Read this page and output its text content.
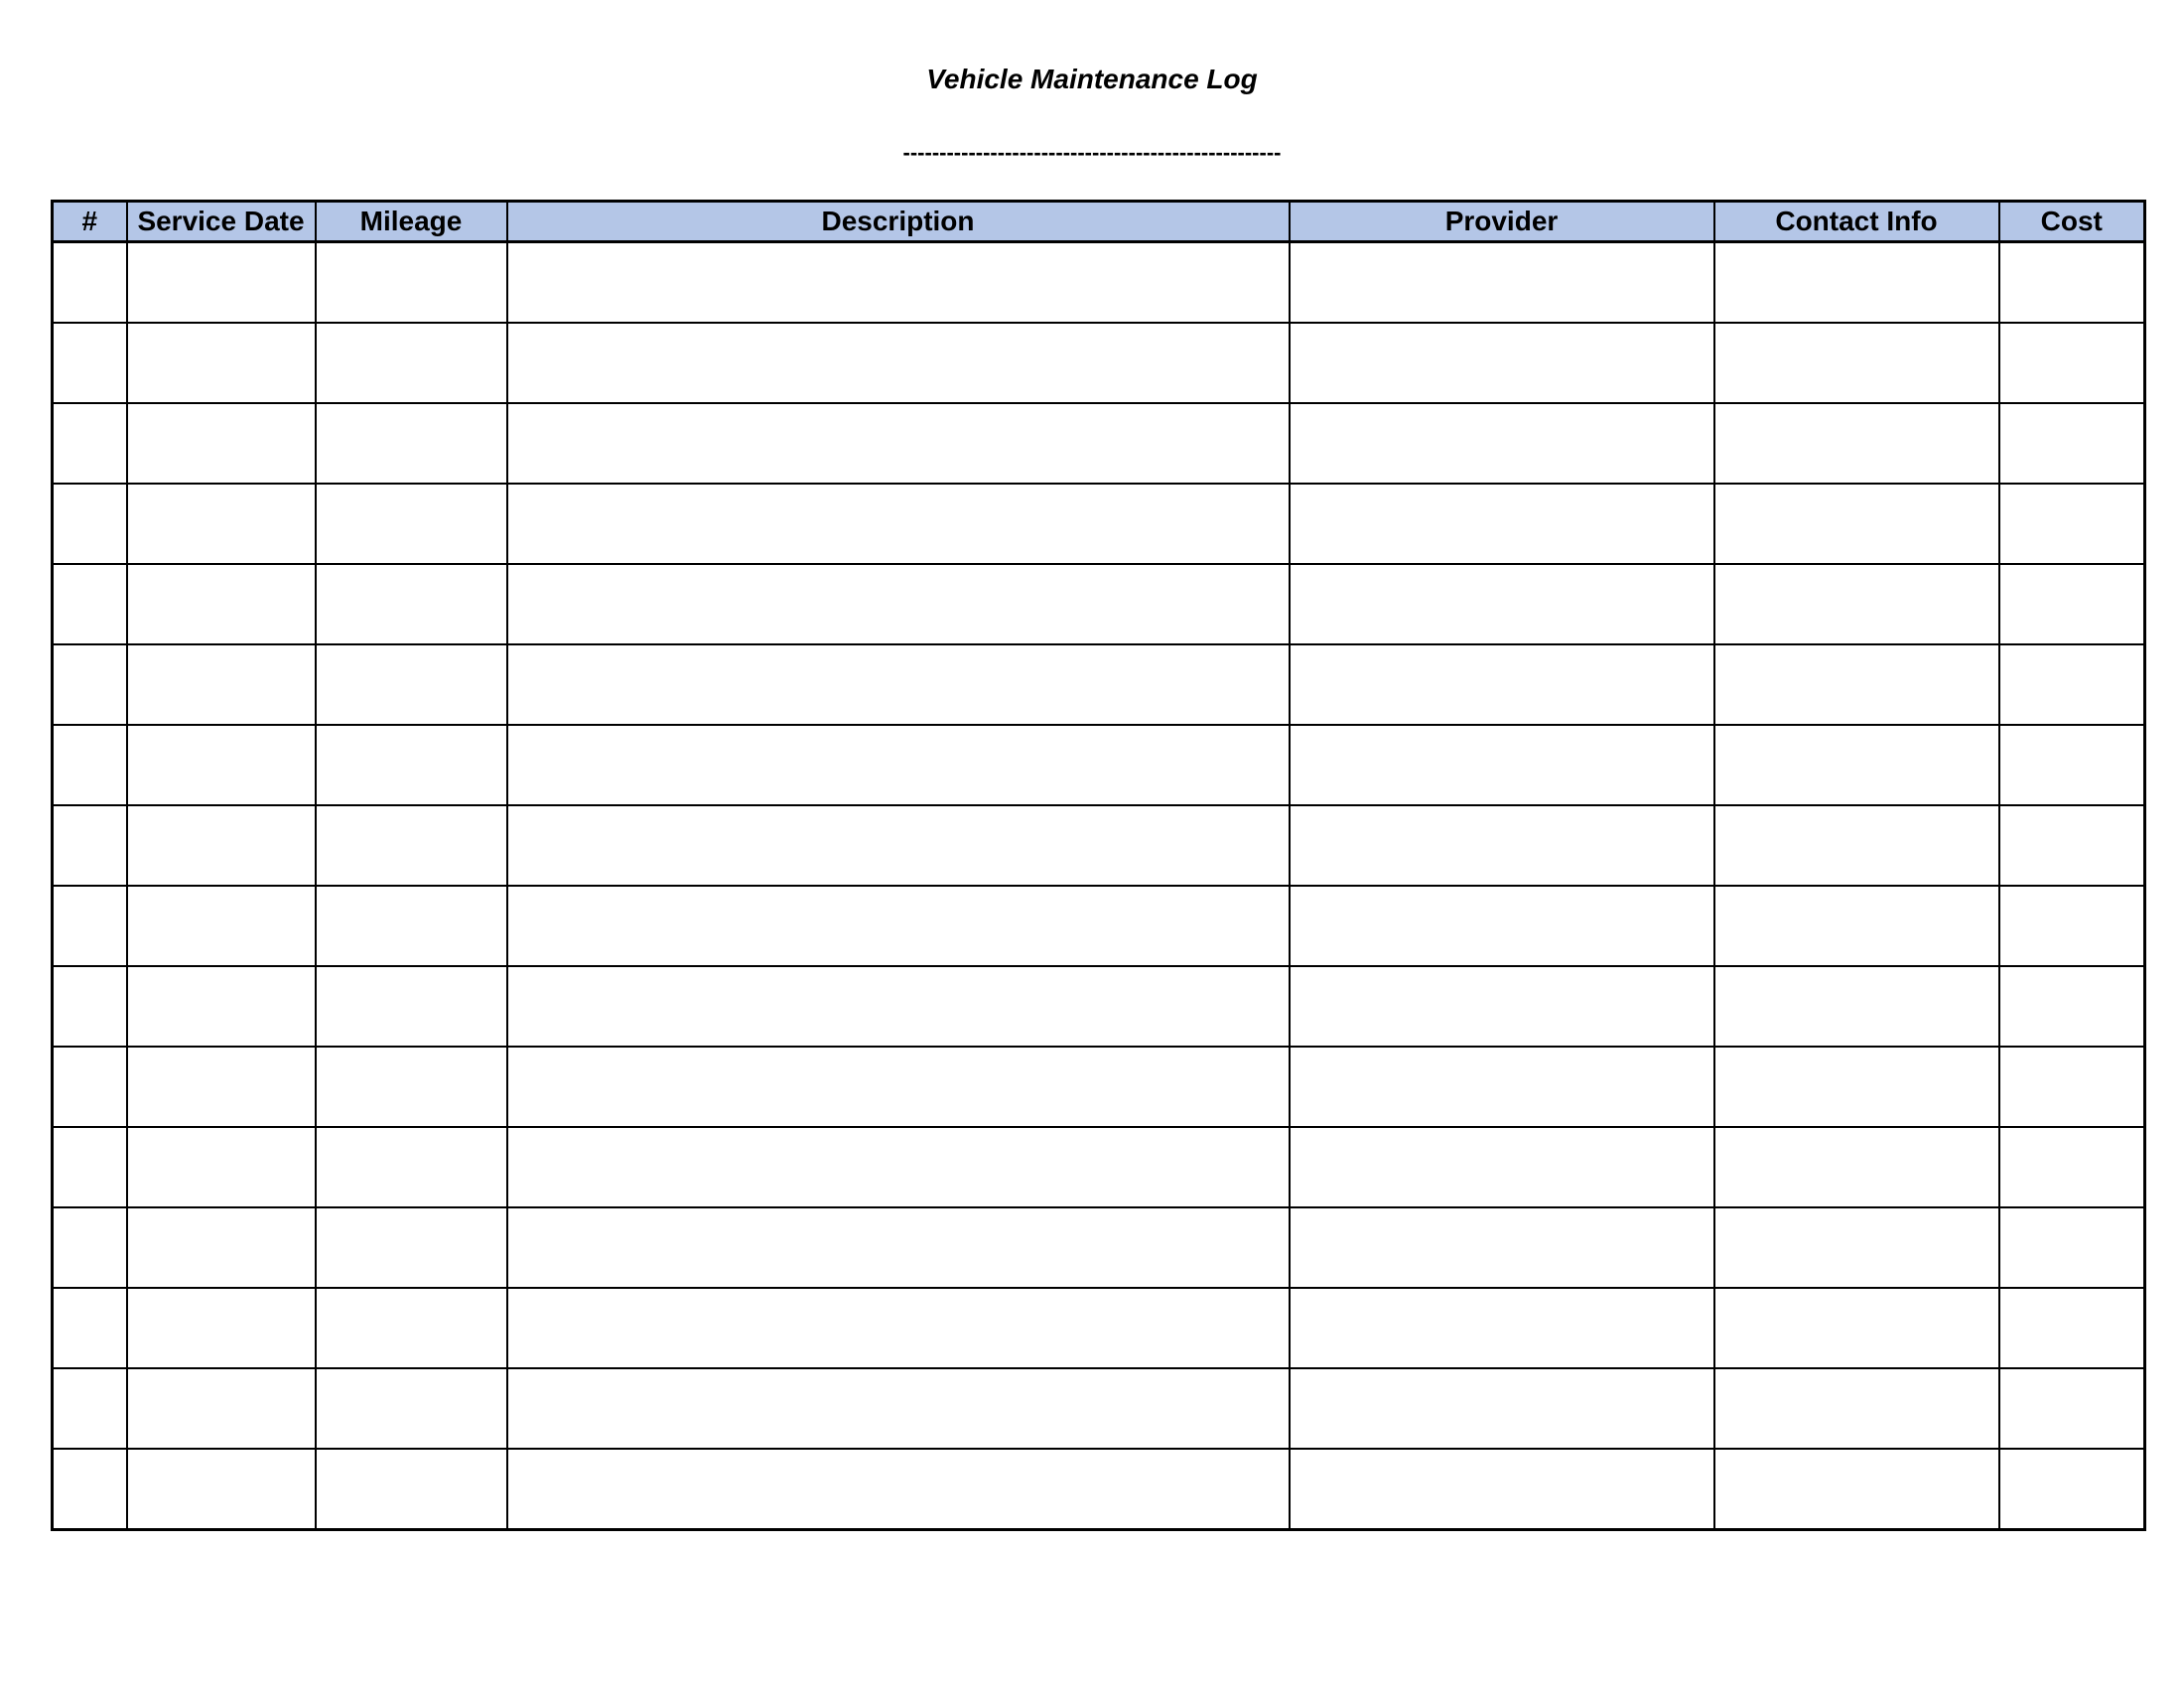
Vehicle Maintenance Log
----------------------------------------------------
#	Service Date	Mileage	Description	Provider	Contact Info	Cost
